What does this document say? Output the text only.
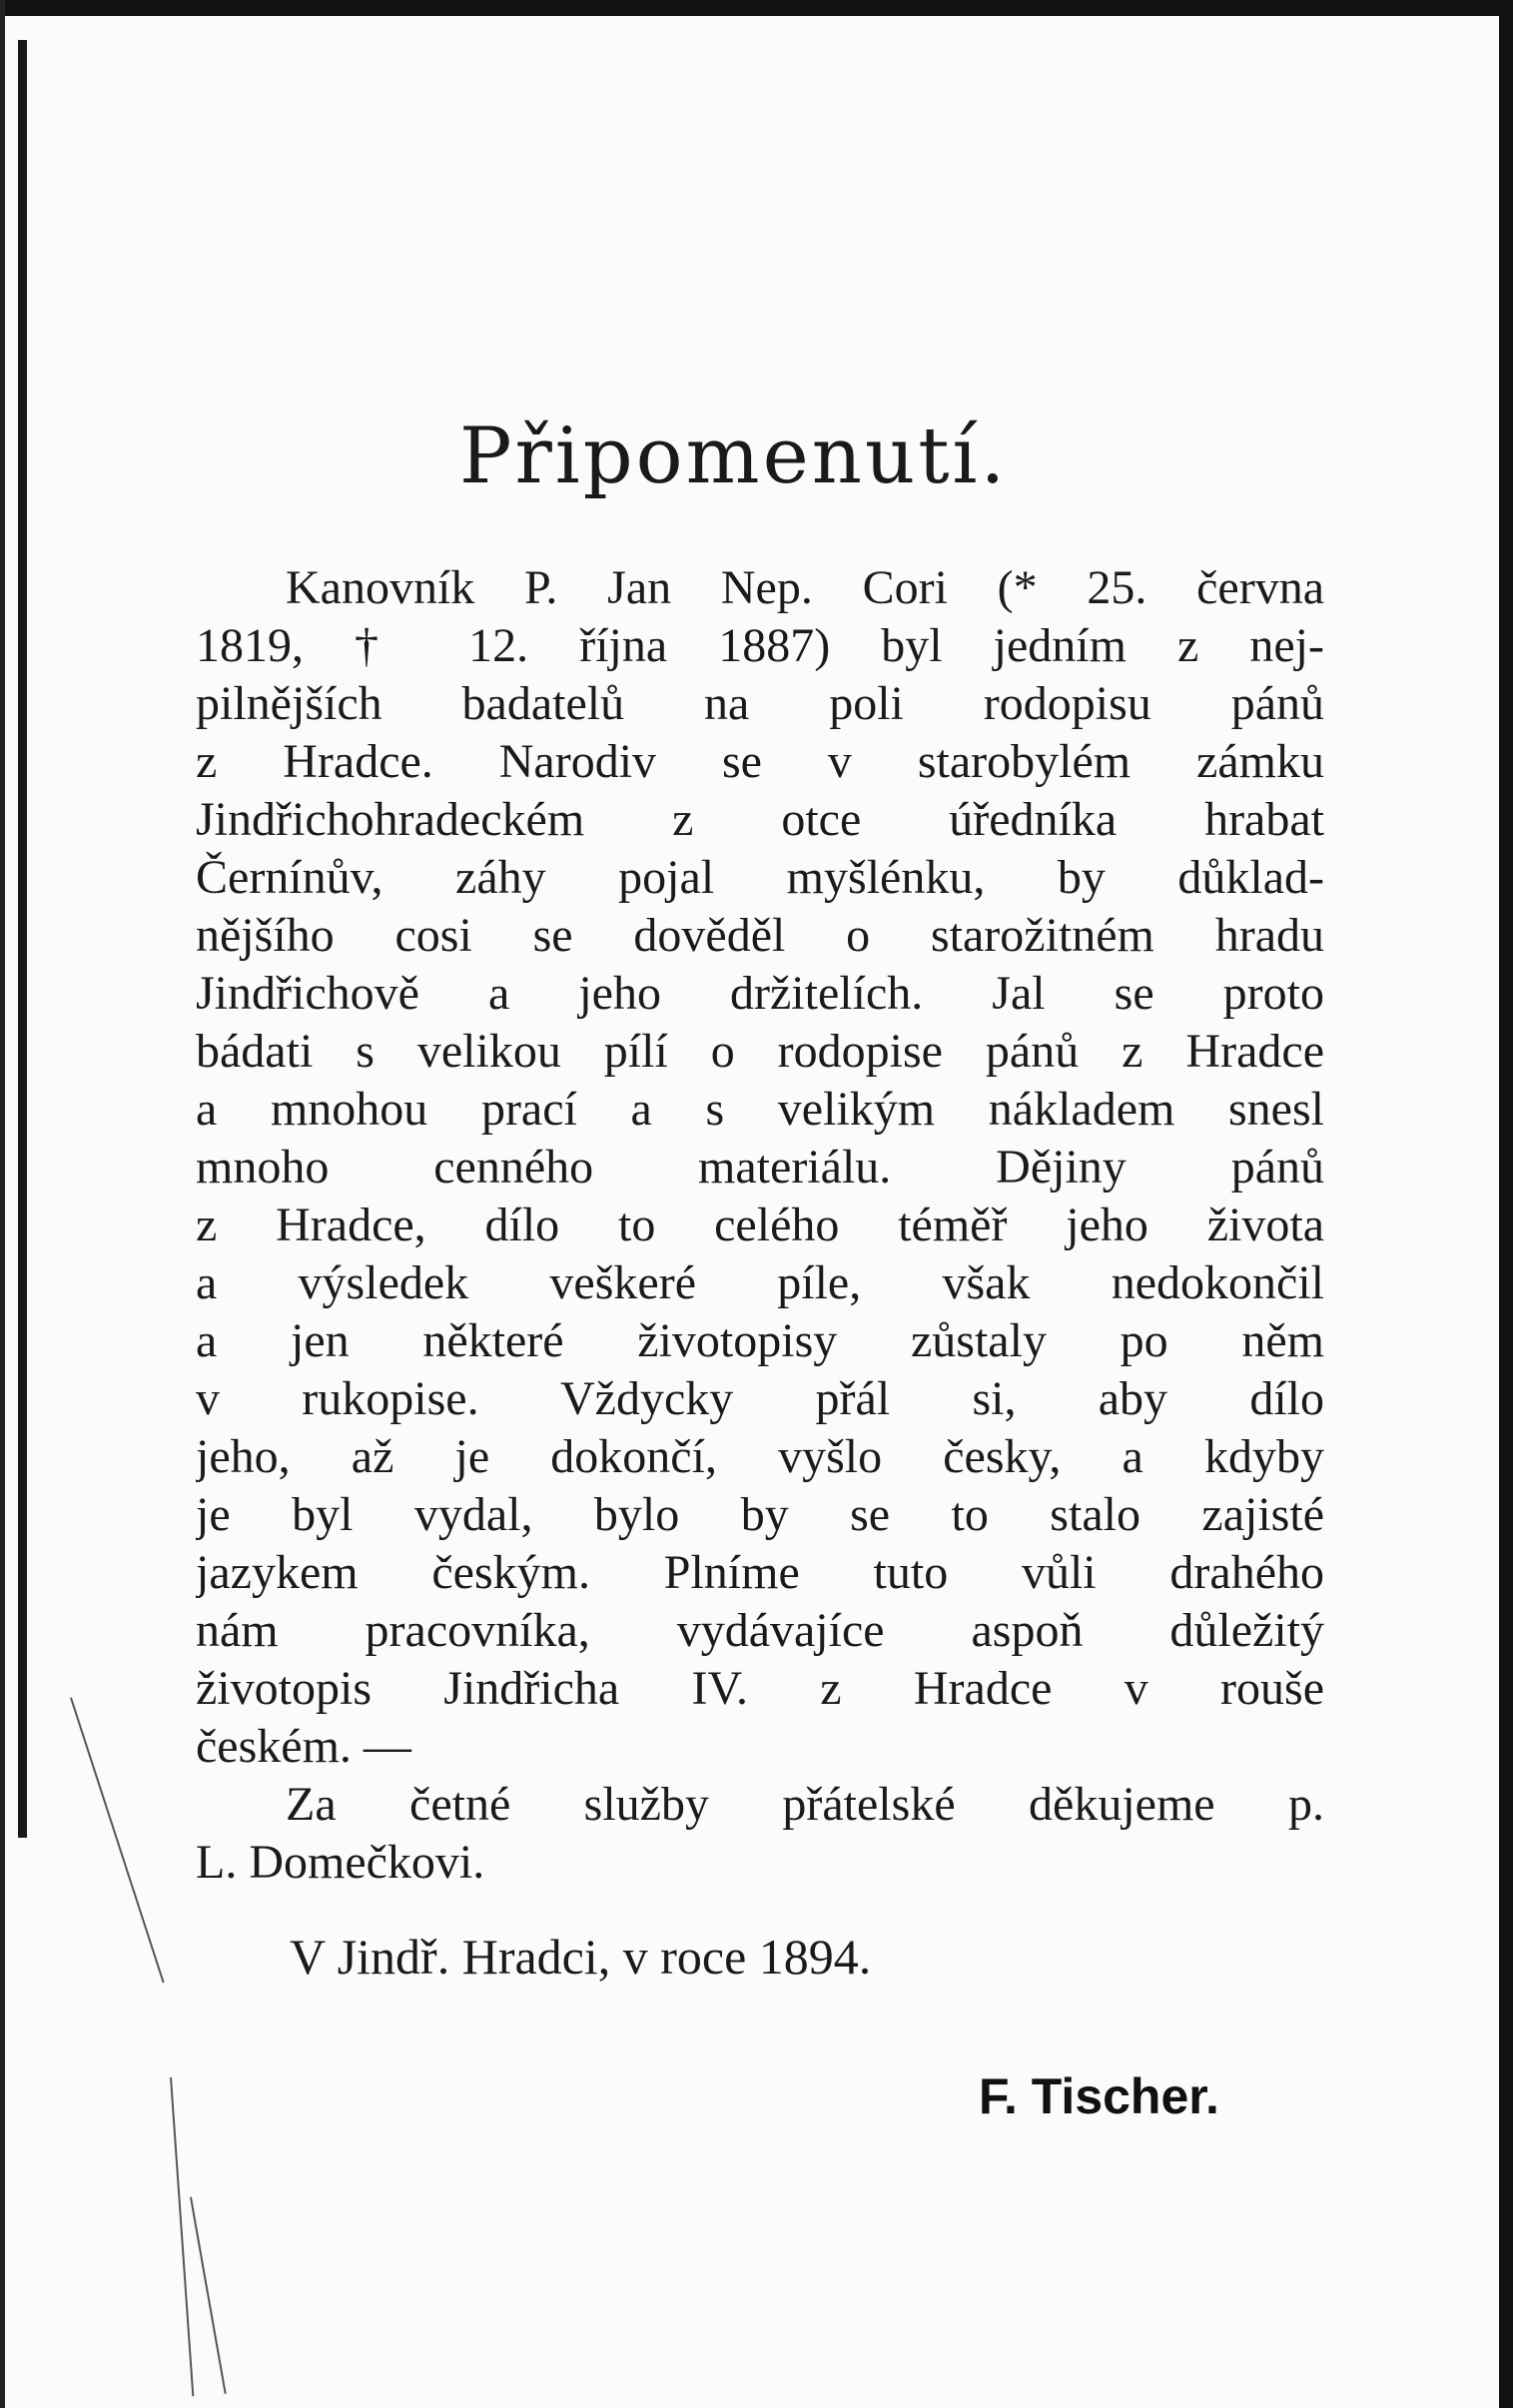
Připomenutí.
Kanovník P. Jan Nep. Cori (* 25. června
1819, † 12. října 1887) byl jedním z nej-
pilnějších badatelů na poli rodopisu pánů
z Hradce. Narodiv se v starobylém zámku
Jindřichohradeckém z otce úředníka hrabat
Černínův, záhy pojal myšlénku, by důklad-
nějšího cosi se dověděl o starožitném hradu
Jindřichově a jeho držitelích. Jal se proto
bádati s velikou pílí o rodopise pánů z Hradce
a mnohou prací a s velikým nákladem snesl
mnoho cenného materiálu. Dějiny pánů
z Hradce, dílo to celého téměř jeho života
a výsledek veškeré píle, však nedokončil
a jen některé životopisy zůstaly po něm
v rukopise. Vždycky přál si, aby dílo
jeho, až je dokončí, vyšlo česky, a kdyby
je byl vydal, bylo by se to stalo zajisté
jazykem českým. Plníme tuto vůli drahého
nám pracovníka, vydávajíce aspoň důležitý
životopis Jindřicha IV. z Hradce v rouše
českém. —
Za četné služby přátelské děkujeme p.
L. Domečkovi.
V Jindř. Hradci, v roce 1894.
F. Tischer.
